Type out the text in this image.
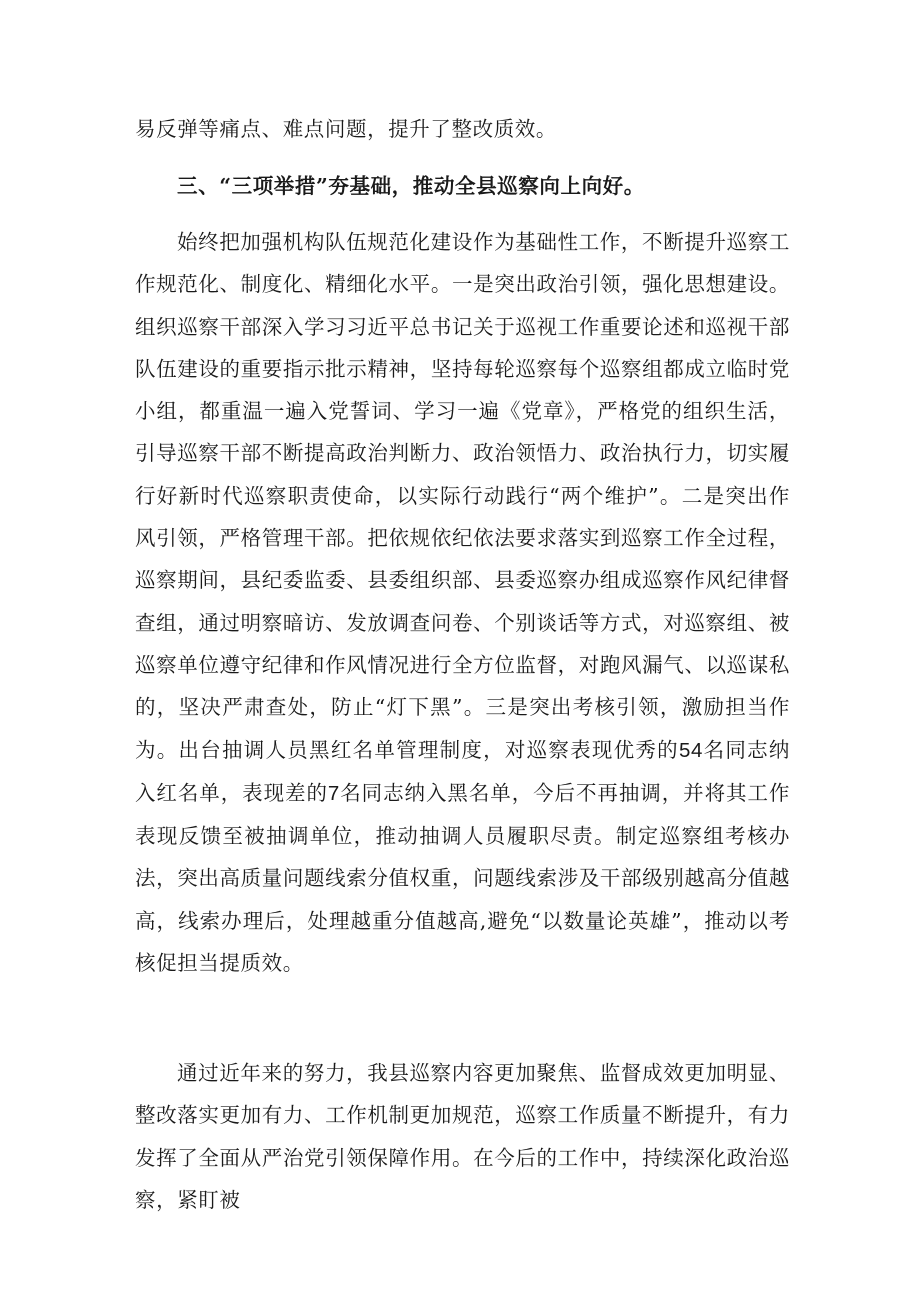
易反弹等痛点、难点问题，提升了整改质效。
三、“三项举措”夯基础，推动全县巡察向上向好。
始终把加强机构队伍规范化建设作为基础性工作，不断提升巡察工作规范化、制度化、精细化水平。一是突出政治引领，强化思想建设。组织巡察干部深入学习习近平总书记关于巡视工作重要论述和巡视干部队伍建设的重要指示批示精神，坚持每轮巡察每个巡察组都成立临时党小组，都重温一遍入党誓词、学习一遍《党章》，严格党的组织生活，引导巡察干部不断提高政治判断力、政治领悟力、政治执行力，切实履行好新时代巡察职责使命，以实际行动践行“两个维护”。二是突出作风引领，严格管理干部。把依规依纪依法要求落实到巡察工作全过程，巡察期间，县纪委监委、县委组织部、县委巡察办组成巡察作风纪律督查组，通过明察暗访、发放调查问卷、个别谈话等方式，对巡察组、被巡察单位遵守纪律和作风情况进行全方位监督，对跑风漏气、以巡谋私的，坚决严肃查处，防止“灯下黑”。三是突出考核引领，激励担当作为。出台抽调人员黑红名单管理制度，对巡察表现优秀的54名同志纳入红名单，表现差的7名同志纳入黑名单，今后不再抽调，并将其工作表现反馈至被抽调单位，推动抽调人员履职尽责。制定巡察组考核办法，突出高质量问题线索分值权重，问题线索涉及干部级别越高分值越高，线索办理后，处理越重分值越高,避免“以数量论英雄”，推动以考核促担当提质效。
通过近年来的努力，我县巡察内容更加聚焦、监督成效更加明显、整改落实更加有力、工作机制更加规范，巡察工作质量不断提升，有力发挥了全面从严治党引领保障作用。在今后的工作中，持续深化政治巡察，紧盯被
